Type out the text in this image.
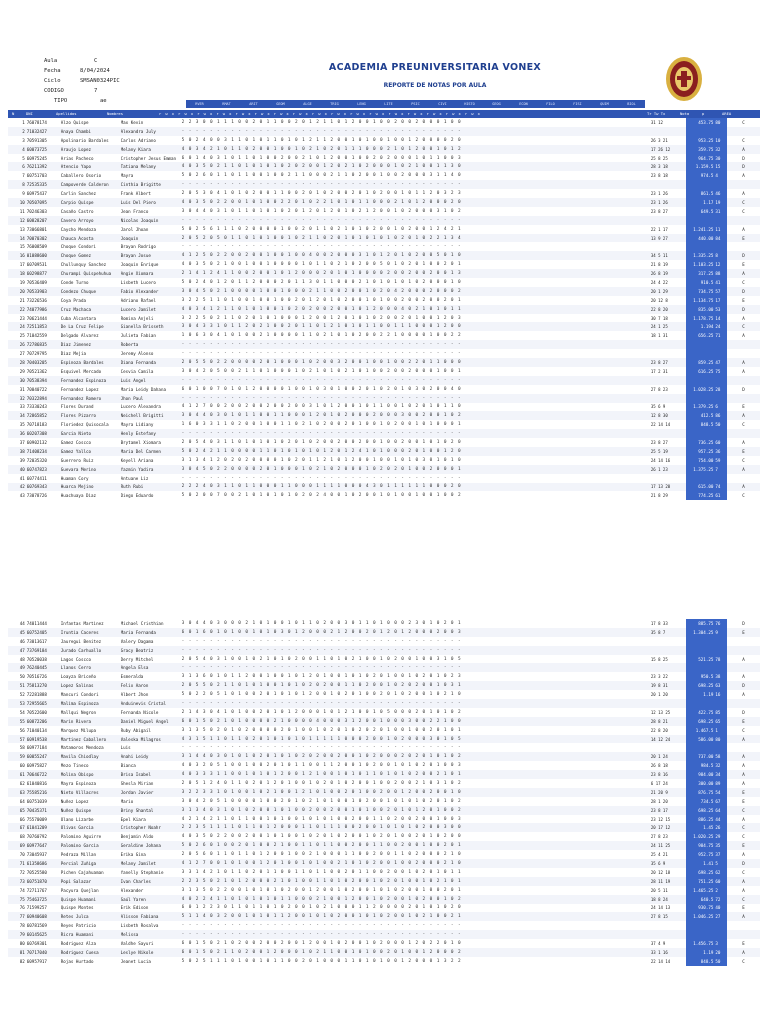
Aula	C
Fecha	8/04/2024
Ciclo	SMSAN0324PIC
CODIGO	7
TIPO	ae
ACADEMIA PREUNIVERSITARIA VONEX
REPORTE DE NOTAS POR AULA
RVER	RMAT	ARIT	GEOM	ALGE	TRIG	LENG	LITE	PSIC	CIVI	HISTO	GEOG	ECON	FILO	FISI	QUIM	BIOL
N	DNI	Apellidos	Nombres	r w x r w x r w x r w x r w x r w x r w x r w x r w x r w x r w x r w x r w x r w x r w x r w x r w x	Tr Tw Tx	Nota	p	AREA
1	76078174	Alzo Quispe	Max Kevin	2 2 3 0 0 1 1 1 0 0 2 0 1 1 0 0 2 0 1 2 1 1 0 1 2 0 0 1 0 0 2 0 0 2 0 0 0 1 0 0	31 12	453.75	80	C
2	71032427	Anaya Chambi	Alexandra July	- - - - - - - - - - - - - - - - - - - - - - - - - - - - - - - - - - - - - - - -				
3	70591305	Apolinario Bardales	Carlos Adriano	5 0 2 4 0 0 3 1 1 0 1 0 1 1 0 1 0 1 2 1 1 2 0 0 1 0 1 0 0 1 0 0 1 2 0 0 0 0 2 0	26 3 21	953.25	10	C
4	60073725	Araujo Lopez	Melany Kiara	4 0 3 4 2 1 0 1 1 0 2 0 0 1 0 0 1 0 2 1 0 2 0 1 1 1 0 0 0 2 1 0 1 2 0 0 1 0 1 2	17 26 12	359.75	32	A
5	60975245	Arias Pacheco	Cristopher Jesus Emman	6 0 1 4 0 3 1 0 1 1 0 1 0 0 2 0 0 2 1 0 1 2 0 0 1 0 0 2 0 2 0 0 0 1 0 1 1 0 0 3	25 8 25	964.75	30	D
6	76211392	Atencio Yapo	Tatiana Melany	4 0 3 5 0 2 1 1 0 1 0 1 0 1 0 2 0 2 0 0 1 2 0 2 1 0 2 0 0 0 1 0 2 1 0 0 1 1 3 0	28 3 18	1.159.5	15	D
7	60751703	Caballero Osorio	Mayra	5 0 2 6 0 1 1 0 1 1 0 0 1 0 0 2 1 1 0 0 0 2 1 1 0 2 0 0 1 0 0 2 0 0 0 3 1 1 4 0	23 8 18	974.5	4	A
8	72535335	Campoverde Calderon	Cinthia Brigitte	- - - - - - - - - - - - - - - - - - - - - - - - - - - - - - - - - - - - - - - -				
9	60975437	Carlin Sanchez	Frank Albert	2 0 5 3 0 4 1 0 1 0 2 0 0 1 1 0 0 2 0 1 0 2 0 0 2 0 1 0 2 0 0 1 0 1 1 2 0 3 2 3	23 1 26	861.5	46	A
10	70507095	Carpio Quispe	Luis Del Piero	4 0 3 5 0 2 2 0 0 1 0 1 0 0 2 2 0 1 0 2 2 1 0 1 0 1 1 0 0 0 2 1 0 1 2 0 0 0 2 0	23 1 26	1.17	19	C
11	70246303	Casaño Castro	Jean Franco	3 0 4 4 0 3 1 0 1 1 0 1 0 1 0 2 0 1 2 0 1 2 0 1 0 2 1 2 0 0 1 0 2 0 0 0 3 1 0 2	23 8 27	649.5	31	C
12	60828207	Cavero Arroyo	Nicolas Joaquin	- - - - - - - - - - - - - - - - - - - - - - - - - - - - - - - - - - - - - - - -				
13	73066801	Caycho Mendoza	Jarol Jhoan	5 0 2 5 6 1 1 1 0 2 0 0 0 0 1 0 0 2 0 1 1 0 2 1 0 1 0 2 0 0 1 0 2 0 0 1 2 4 2 1	22 1 17	1.241.25	11	A
14	70070302	Chauca Acosta	Joaquin	2 0 5 2 0 5 0 1 1 0 1 0 1 0 0 1 0 2 1 1 0 2 0 1 0 1 0 1 0 1 0 2 0 1 0 2 2 1 3 4	13 9 27	440.00	84	E
15	76008509	Choque Condori	Brayan Rodrigo	- - - - - - - - - - - - - - - - - - - - - - - - - - - - - - - - - - - - - - - -				
16	01088600	Choque Gomez	Brayan Josue	4 1 2 5 0 2 2 0 0 2 0 0 1 0 0 1 0 0 4 0 0 2 0 0 0 3 1 0 1 2 0 1 0 2 0 0 5 0 1 0	34 5 11	1.335.25	8	D
17	60709531	Chullunquy Sanchez	Joaquin Enrique	4 0 3 5 0 2 1 0 0 1 0 0 1 0 0 0 0 1 0 1 1 0 2 1 0 2 0 0 5 0 1 0 2 0 1 0 0 2 0 1	21 8 19	1.103.25	12	E
18	60298877	Churampi Quispehuhua	Angie Xiomara	2 1 4 1 2 4 1 1 0 0 2 0 0 1 0 1 2 0 0 0 2 0 1 0 1 0 0 0 0 2 0 0 2 0 0 2 0 0 1 3	26 8 19	317.25	88	A
19	70536409	Conde Turno	Lisbeth Lucero	5 0 2 4 0 1 2 0 1 1 2 0 0 0 2 0 1 1 3 0 1 1 0 0 0 2 1 0 1 0 1 0 1 0 2 0 0 0 1 0	24 4 22	910.5	41	C
20	70533903	Condezo Chuque	Fabio Alexander	3 0 4 5 0 2 1 0 0 0 0 1 0 0 1 0 0 0 2 1 1 0 0 2 0 0 1 0 2 0 4 2 0 0 0 2 0 0 0 2	20 1 29	734.75	57	D
21	73226536	Coya Prada	Adriano Rafael	3 2 2 5 1 1 0 1 0 0 1 0 0 1 0 0 2 0 1 2 0 1 0 2 0 0 1 0 1 0 0 2 0 0 2 0 0 2 0 1	20 12 8	1.134.75	17	E
22	74077986	Cruz Machaca	Lucero Jamilet	4 0 3 4 1 2 1 1 0 1 0 1 0 0 1 0 2 0 2 0 0 2 0 0 1 0 1 2 0 0 0 4 0 2 1 0 1 0 1 1	22 8 20	835.00	53	D
23	70621444	Cuba Alcantara	Romina Anjeli	3 2 2 5 0 2 1 1 0 2 0 1 0 1 0 0 0 1 2 0 0 1 2 0 1 0 1 0 2 0 0 2 0 1 0 0 1 2 0 3	30 7 18	1.178.75	14	A
24	72511853	De La Cruz Felipe	Gianella Brisseth	3 0 4 3 3 1 0 1 1 2 0 2 1 0 0 2 0 1 1 0 1 2 1 0 1 0 1 1 0 0 1 1 1 0 0 0 1 2 0 0	24 1 25	1.194	24	C
25	71042559	Delgado Alvarez	Julieta Fabian	1 0 6 3 0 4 1 0 1 0 0 2 1 0 0 0 0 1 1 0 2 1 0 1 0 2 0 0 2 2 1 0 0 0 0 1 0 0 2 2	18 1 31	656.25	71	A
26	72786835	Diaz Jimenez	Roberta	- - - - - - - - - - - - - - - - - - - - - - - - - - - - - - - - - - - - - - - -				
27	70729795	Diaz Mejia	Jeremy Alonso	- - - - - - - - - - - - - - - - - - - - - - - - - - - - - - - - - - - - - - - -				
28	70403205	Espinoza Bardales	Diana Fernanda	2 0 5 5 0 2 2 0 0 0 0 2 0 1 0 0 0 1 0 2 0 0 3 2 0 0 1 0 0 1 0 0 2 2 0 1 1 0 0 0	23 8 27	859.25	47	A
29	70521362	Esquivel Mercado	Cesvia Camila	3 0 4 2 0 5 0 0 2 1 1 0 1 0 0 0 1 0 2 1 0 1 0 2 1 0 1 0 0 2 0 0 2 0 0 0 1 0 0 1	17 2 31	616.25	75	A
30	70538394	Fernandez Espinoza	Luis Angel	- - - - - - - - - - - - - - - - - - - - - - - - - - - - - - - - - - - - - - - -				
31	70040722	Fernandez Lopez	Maria Leidy Dahana	6 0 1 0 0 7 0 1 0 1 2 0 0 0 0 1 0 0 1 0 3 0 1 0 0 2 0 1 0 2 0 1 0 3 0 2 0 0 4 0	27 8 23	1.028.25	28	D
32	70322894	Fernandez Romero	Jhon Paul	- - - - - - - - - - - - - - - - - - - - - - - - - - - - - - - - - - - - - - - -				
33	73330243	Flores Durand	Lucero Alexandra	4 1 2 7 0 0 2 0 0 2 0 0 2 0 0 2 0 0 3 1 0 1 2 0 0 1 0 1 1 0 0 1 0 2 0 1 0 1 1 0	35 6 9	1.379.25	6	E
34	72865852	Flores Pizarro	Neichell Brigitti	3 0 4 4 0 3 0 1 0 1 1 0 0 1 1 0 0 0 1 2 0 1 0 2 0 0 0 2 0 0 0 3 0 0 2 0 0 1 0 2	12 8 30	412.5	86	A
35	70718183	Floriedez Quisocala	Mayra Lidiany	1 6 0 3 3 1 1 0 2 0 0 1 0 0 1 1 0 2 1 0 2 0 0 2 0 1 0 0 1 0 2 0 0 1 0 1 0 0 0 1	22 14 14	848.5	50	C
36	60207308	Garcia Nieto	Henly Estefany	- - - - - - - - - - - - - - - - - - - - - - - - - - - - - - - - - - - - - - - -				
37	60902132	Gamez Coscco	Brytamel Xiomara	2 0 5 4 0 3 1 1 0 1 0 1 0 1 0 2 0 1 0 2 0 0 2 0 0 2 0 0 1 0 0 2 0 0 1 0 1 0 2 0	23 8 27	736.25	60	A
38	71408234	Gamez Yallco	Maria Del Carmen	5 0 2 4 2 1 1 0 0 0 0 1 1 0 1 0 1 0 1 0 1 2 0 1 2 4 1 0 1 0 0 0 2 0 1 0 0 1 2 0	25 5 19	957.25	36	E
39	72035320	Guerrero Ruiz	Keyell Ariana	3 1 3 4 1 2 0 2 0 2 0 0 0 0 1 0 2 0 1 1 2 1 0 1 2 0 0 1 0 0 1 0 1 0 3 0 1 0 1 0	24 14 16	754.00	59	C
40	60747823	Guevara Merino	Yazmin Yadira	3 0 4 5 0 2 2 0 0 0 0 2 0 1 0 0 0 1 0 2 1 0 2 0 0 0 1 0 2 0 2 0 1 0 0 2 0 0 0 1	26 1 23	1.375.25	7	A
41	60774411	Huaman Cory	Antuane Liz	- - - - - - - - - - - - - - - - - - - - - - - - - - - - - - - - - - - - - - - -				
42	60769343	Huarca Mejino	Ruth Rubi	2 2 2 4 0 3 1 1 0 1 1 0 0 0 1 1 0 0 0 1 1 1 1 0 0 0 4 3 0 1 1 1 1 1 1 0 0 0 2 0	17 13 20	615.00	74	A
43	73078726	Huachuaya Diaz	Diego Eduardo	5 0 2 0 0 7 0 0 2 1 0 1 0 1 0 1 0 2 0 2 4 0 0 1 0 2 0 0 1 0 1 0 0 1 0 0 1 0 0 2	21 8 29	774.25	61	C
44	74011444	Infantas Martinez	Michael Cristhian	3 0 4 4 0 3 0 0 0 2 1 0 1 0 0 1 0 1 1 0 2 0 0 3 0 1 1 0 1 0 0 0 2 3 0 1 0 2 0 1	17 8 33	885.75	76	D
45	60752405	Iruntia Caceres	Maria Fernanda	6 0 1 6 0 1 0 1 0 0 1 0 1 0 3 0 1 2 0 0 0 2 1 2 0 0 2 0 1 2 0 1 2 0 0 0 2 0 0 3	35 8 7	1.304.25	9	E
46	73013617	Jauregui Benitez	Valery Dagama	- - - - - - - - - - - - - - - - - - - - - - - - - - - - - - - - - - - - - - - -				
47	73769184	Jurado Carhuallo	Gracy Beatriz	- - - - - - - - - - - - - - - - - - - - - - - - - - - - - - - - - - - - - - - -				
48	70520038	Lagos Coscco	Derry Mitchel	2 0 5 4 0 3 1 0 0 1 0 2 1 0 1 0 2 0 0 1 1 0 1 0 2 1 0 0 1 0 2 0 0 1 0 0 3 1 0 5	15 8 25	521.25	78	A
49	76240445	Llanos Cerro	Angela Elsa	- - - - - - - - - - - - - - - - - - - - - - - - - - - - - - - - - - - - - - - -				
50	70516726	Loayza Briceño	Esmeralda	3 1 3 6 0 1 0 1 1 2 0 0 1 0 0 1 0 1 2 0 1 0 0 1 0 1 0 2 0 1 0 0 1 0 2 0 1 0 2 3	23 3 22	950.5	38	A
51	75813270	Lopez Salinas	Felix Aaron	2 0 5 5 0 2 1 1 0 1 0 1 0 0 1 0 1 0 2 0 2 0 0 1 1 0 2 0 0 1 0 2 0 2 0 0 1 0 3 1	19 8 31	698.25	63	D
52	72281888	Mancuri Condori	Albert Jhon	5 0 2 2 0 5 1 0 1 0 0 2 0 1 0 1 0 1 2 0 0 1 0 2 0 1 0 0 2 0 1 0 2 0 0 1 0 2 1 0	20 1 20	1.19	16	A
53	72955665	Malima Espinoza	Anduinevis Cristal	- - - - - - - - - - - - - - - - - - - - - - - - - - - - - - - - - - - - - - - -				
54	70522600	Mallqui Negron	Fernanda Nicole	2 1 4 3 0 4 1 0 1 0 0 2 0 1 0 1 2 0 0 0 1 0 1 2 1 0 0 1 0 5 0 0 0 2 0 1 0 1 0 2	12 13 25	422.75	85	D
55	60872206	Marin Rivera	Daniel Miguel Angel	6 0 1 5 0 2 1 0 1 0 0 0 0 2 1 0 0 0 0 4 0 0 0 3 1 2 0 0 1 0 0 0 3 0 0 2 2 1 0 0	28 8 21	698.25	65	E
56	71040134	Marquez Milupa	Ruby Abigail	3 1 3 5 0 2 0 1 0 2 0 0 0 0 2 0 1 0 0 1 0 2 0 1 0 2 0 2 0 1 0 0 1 0 0 2 0 1 0 1	22 8 20	1.467.5	1	C
57	60919538	Martinez Caballero	Valeska Milagros	4 3 1 5 1 1 0 1 1 0 2 0 1 0 1 0 1 0 1 1 1 1 1 0 0 0 2 0 0 1 0 2 0 0 0 3 0 1 0 5	14 12 24	586.00	80	A
58	60977184	Matamoros Mendoza	Luis	- - - - - - - - - - - - - - - - - - - - - - - - - - - - - - - - - - - - - - - -				
59	60055247	Mavila Chiodlay	Anahi Leidy	3 1 4 4 0 3 0 1 0 1 0 2 0 1 0 1 0 2 0 2 0 0 2 0 0 1 0 2 0 0 0 2 0 2 0 1 0 1 0 2	20 1 24	737.00	58	A
60	60975827	Mezo Tineco	Bianca	4 0 3 2 0 5 1 0 0 1 0 0 2 0 1 0 1 1 0 0 1 1 2 0 0 1 0 2 0 0 1 0 1 0 2 0 1 0 0 3	26 8 18	984.5	32	A
61	70646722	Molina Obispo	Brisa Isabel	4 0 3 3 3 1 1 0 0 1 0 1 0 1 2 0 0 1 2 1 0 0 1 0 1 0 1 1 0 1 0 1 0 2 0 0 2 1 0 1	23 8 16	984.00	34	A
62	61040816	Mayra Espinoza	Shesla Mirian	2 0 5 1 2 4 0 1 1 0 2 0 1 2 0 1 0 0 1 0 2 0 1 0 2 0 0 1 0 0 2 0 0 2 1 0 3 1 0 2	6 17 24	300.00	89	A
63	75585216	Nieto Villacres	Jordan Javier	3 2 2 3 3 1 0 1 0 0 1 0 2 1 0 0 1 2 1 0 1 0 0 2 0 1 0 0 2 0 0 1 2 0 0 2 0 0 1 0	21 20 9	876.75	54	E
64	60751039	Nuñez Lopez	Mario	3 0 4 2 0 5 1 0 0 0 0 1 0 0 2 0 1 0 2 1 0 1 0 0 1 0 2 0 0 1 0 1 0 1 0 2 0 1 0 2	28 1 20	734.5	67	E
65	70435371	Nuñez Quispe	Briny Shantal	3 1 3 4 0 3 1 0 1 0 2 0 0 1 0 1 0 0 2 0 0 2 0 0 1 0 1 0 0 2 0 1 0 1 2 0 1 0 0 2	23 8 17	698.25	64	C
66	75570009	Olano Lizarbe	Epel Kiara	4 2 1 4 2 1 1 0 1 1 0 0 1 0 1 0 0 1 0 1 0 1 0 0 2 0 0 1 1 0 2 0 0 2 0 0 1 0 0 3	23 12 15	886.25	44	A
67	61041209	Olivas Garcia	Cristopher Noahr	2 2 3 5 1 1 1 1 0 1 1 0 1 2 0 0 0 1 1 0 1 1 1 0 0 2 0 0 1 0 1 0 1 0 2 0 0 3 0 0	20 17 12	1.45	26	C
68	70760792	Palomino Aguirre	Benjamin Aldo	4 0 3 5 0 2 2 0 0 2 0 0 1 0 1 0 0 1 0 2 0 1 0 2 0 0 1 0 2 0 1 0 0 2 0 1 0 2 0 0	27 8 23	1.020.25	29	C
69	60977647	Palomino Garcia	Geraldine Johana	5 0 2 6 0 1 0 0 2 0 1 0 0 2 1 0 0 1 1 0 1 1 0 0 2 0 0 1 1 0 0 2 0 0 1 0 0 2 0 1	24 11 25	984.75	35	E
70	73045937	Pedraza Millan	Erika Gina	2 0 5 6 0 1 1 0 1 1 0 1 2 0 0 1 0 0 2 1 0 0 0 1 1 0 0 2 0 0 1 1 0 2 0 0 0 2 1 0	25 4 21	952.75	37	A
71	61358686	Percial Zuñiga	Melany Jamilet	4 1 2 7 0 0 1 0 1 0 0 1 2 0 1 0 0 1 0 1 0 0 2 1 0 1 0 2 0 0 1 0 0 2 0 0 0 2 1 0	35 6 9	1.41	5	D
72	70525580	Pichen Cajahuaman	Yanelly Stephanie	3 3 1 4 2 1 0 1 1 0 2 0 1 1 0 0 1 1 0 1 1 0 0 2 0 1 1 0 0 2 0 0 1 0 2 0 1 0 1 1	20 12 18	698.25	62	C
73	60751870	Popi Salazar	Ivan Charles	2 2 3 5 0 2 1 0 1 2 0 0 0 2 1 0 1 0 0 1 1 0 1 0 2 0 0 1 0 2 0 1 0 0 1 0 2 1 0 1	28 11 19	751.25	60	A
74	72711767	Pacyura Quejlan	Alexander	3 1 3 5 0 2 2 0 0 1 0 1 0 1 0 2 0 0 1 2 0 0 1 0 2 0 0 1 0 1 0 2 0 0 1 0 0 2 0 1	20 5 11	1.465.25	2	A
75	75463725	Quispe Huamani	Saúl Yaren	4 0 2 2 4 1 1 0 1 0 1 0 1 0 1 1 0 0 0 2 1 0 0 1 2 0 0 1 0 2 0 0 1 0 2 0 0 1 0 2	18 8 24	640.5	72	C
76	71599257	Quispe Montes	Erik Edison	6 0 1 2 2 3 0 1 1 0 1 1 0 1 0 2 0 0 1 0 2 1 0 0 0 1 1 2 0 0 0 0 2 0 1 0 1 0 2 0	24 14 13	930.75	40	E
77	60940608	Retes Julca	Alisson Fabiana	5 1 1 4 0 3 2 0 0 1 0 1 0 1 1 2 0 0 1 0 1 0 2 0 0 1 0 1 0 2 0 0 1 0 2 1 0 0 2 1	27 8 15	1.046.25	27	A
78	60781569	Reyes Patricio	Lisbeth Rosalva	- - - - - - - - - - - - - - - - - - - - - - - - - - - - - - - - - - - - - - - -				
79	60145625	Ricra Huamani	Melissa	- - - - - - - - - - - - - - - - - - - - - - - - - - - - - - - - - - - - - - - -				
80	60769301	Rodriguez Alza	Valdhe Sayuri	6 0 1 5 0 2 1 0 2 0 0 2 0 0 2 0 0 1 2 0 0 1 0 2 0 0 1 0 2 0 0 0 1 2 0 2 2 0 1 0	37 4 9	1.456.75	3	E
81	70717040	Rodriguez Cuesa	Leslye Nikole	6 0 1 5 0 2 1 1 0 2 0 0 1 2 0 0 0 1 0 2 1 1 0 0 1 0 1 0 0 2 0 1 0 0 1 2 0 0 0 2	33 1 16	1.19	20	A
82	60957917	Rojas Hurtado	Jeanet Lucia	5 0 2 5 1 1 1 0 1 0 0 1 0 1 1 0 0 2 0 1 0 0 0 1 1 0 1 0 1 0 0 1 2 0 0 0 1 3 2 2	22 14 14	848.5	50	C
